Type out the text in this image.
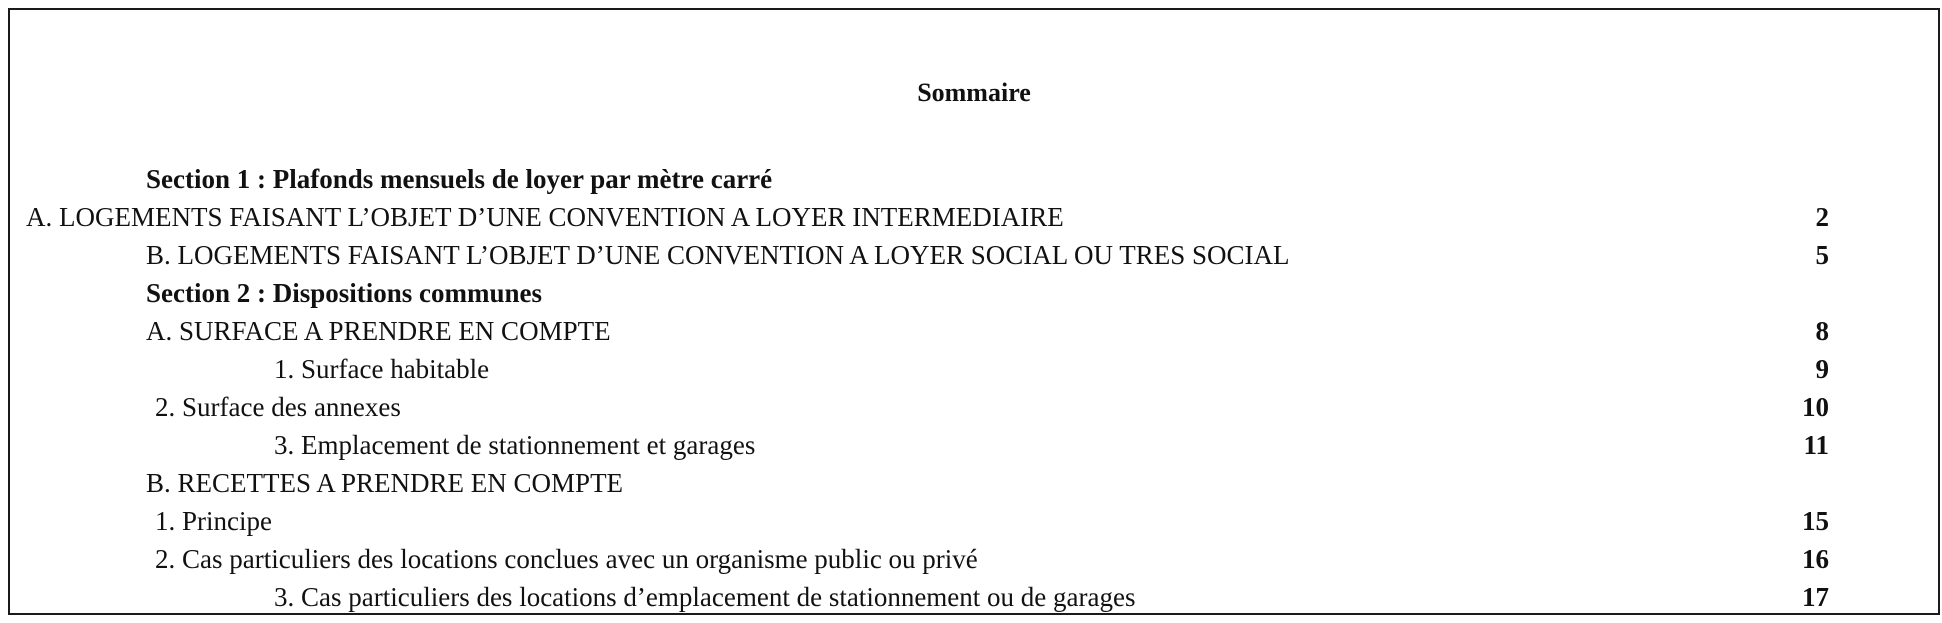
Sommaire
Section 1 : Plafonds mensuels de loyer par mètre carré
A. LOGEMENTS FAISANT L’OBJET D’UNE CONVENTION A LOYER INTERMEDIAIRE	2
B. LOGEMENTS FAISANT L’OBJET D’UNE CONVENTION A LOYER SOCIAL OU TRES SOCIAL	5
Section 2 : Dispositions communes
A. SURFACE A PRENDRE EN COMPTE	8
1. Surface habitable	9
2. Surface des annexes	10
3. Emplacement de stationnement et garages	11
B. RECETTES A PRENDRE EN COMPTE
1. Principe	15
2. Cas particuliers des locations conclues avec un organisme public ou privé	16
3. Cas particuliers des locations d’emplacement de stationnement ou de garages	17
